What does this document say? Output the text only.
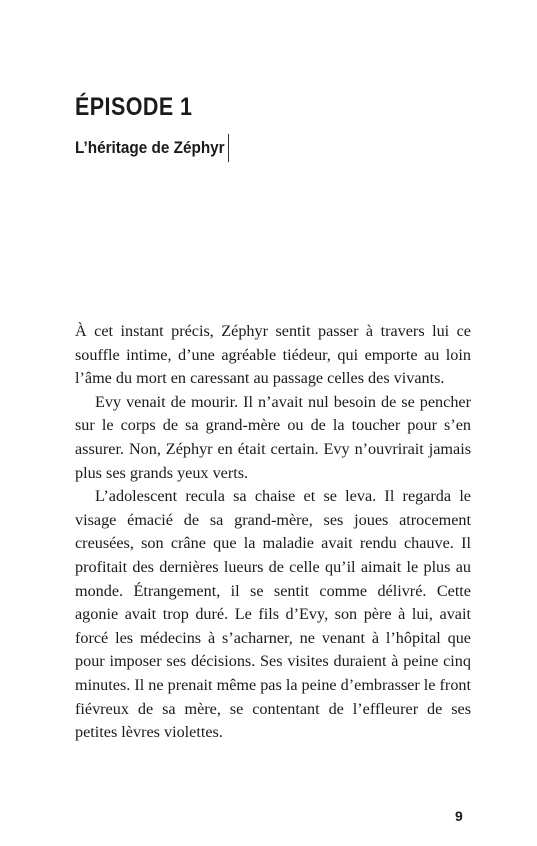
ÉPISODE 1
L’héritage de Zéphyr

À cet instant précis, Zéphyr sentit passer à travers lui ce souffle intime, d’une agréable tiédeur, qui emporte au loin l’âme du mort en caressant au passage celles des vivants.

Evy venait de mourir. Il n’avait nul besoin de se pencher sur le corps de sa grand-mère ou de la toucher pour s’en assurer. Non, Zéphyr en était certain. Evy n’ouvrirait jamais plus ses grands yeux verts.

L’adolescent recula sa chaise et se leva. Il regarda le visage émacié de sa grand-mère, ses joues atrocement creusées, son crâne que la maladie avait rendu chauve. Il profitait des dernières lueurs de celle qu’il aimait le plus au monde. Étrangement, il se sentit comme délivré. Cette agonie avait trop duré. Le fils d’Evy, son père à lui, avait forcé les médecins à s’acharner, ne venant à l’hôpital que pour imposer ses décisions. Ses visites duraient à peine cinq minutes. Il ne prenait même pas la peine d’embrasser le front fiévreux de sa mère, se contentant de l’effleurer de ses petites lèvres violettes.

9
